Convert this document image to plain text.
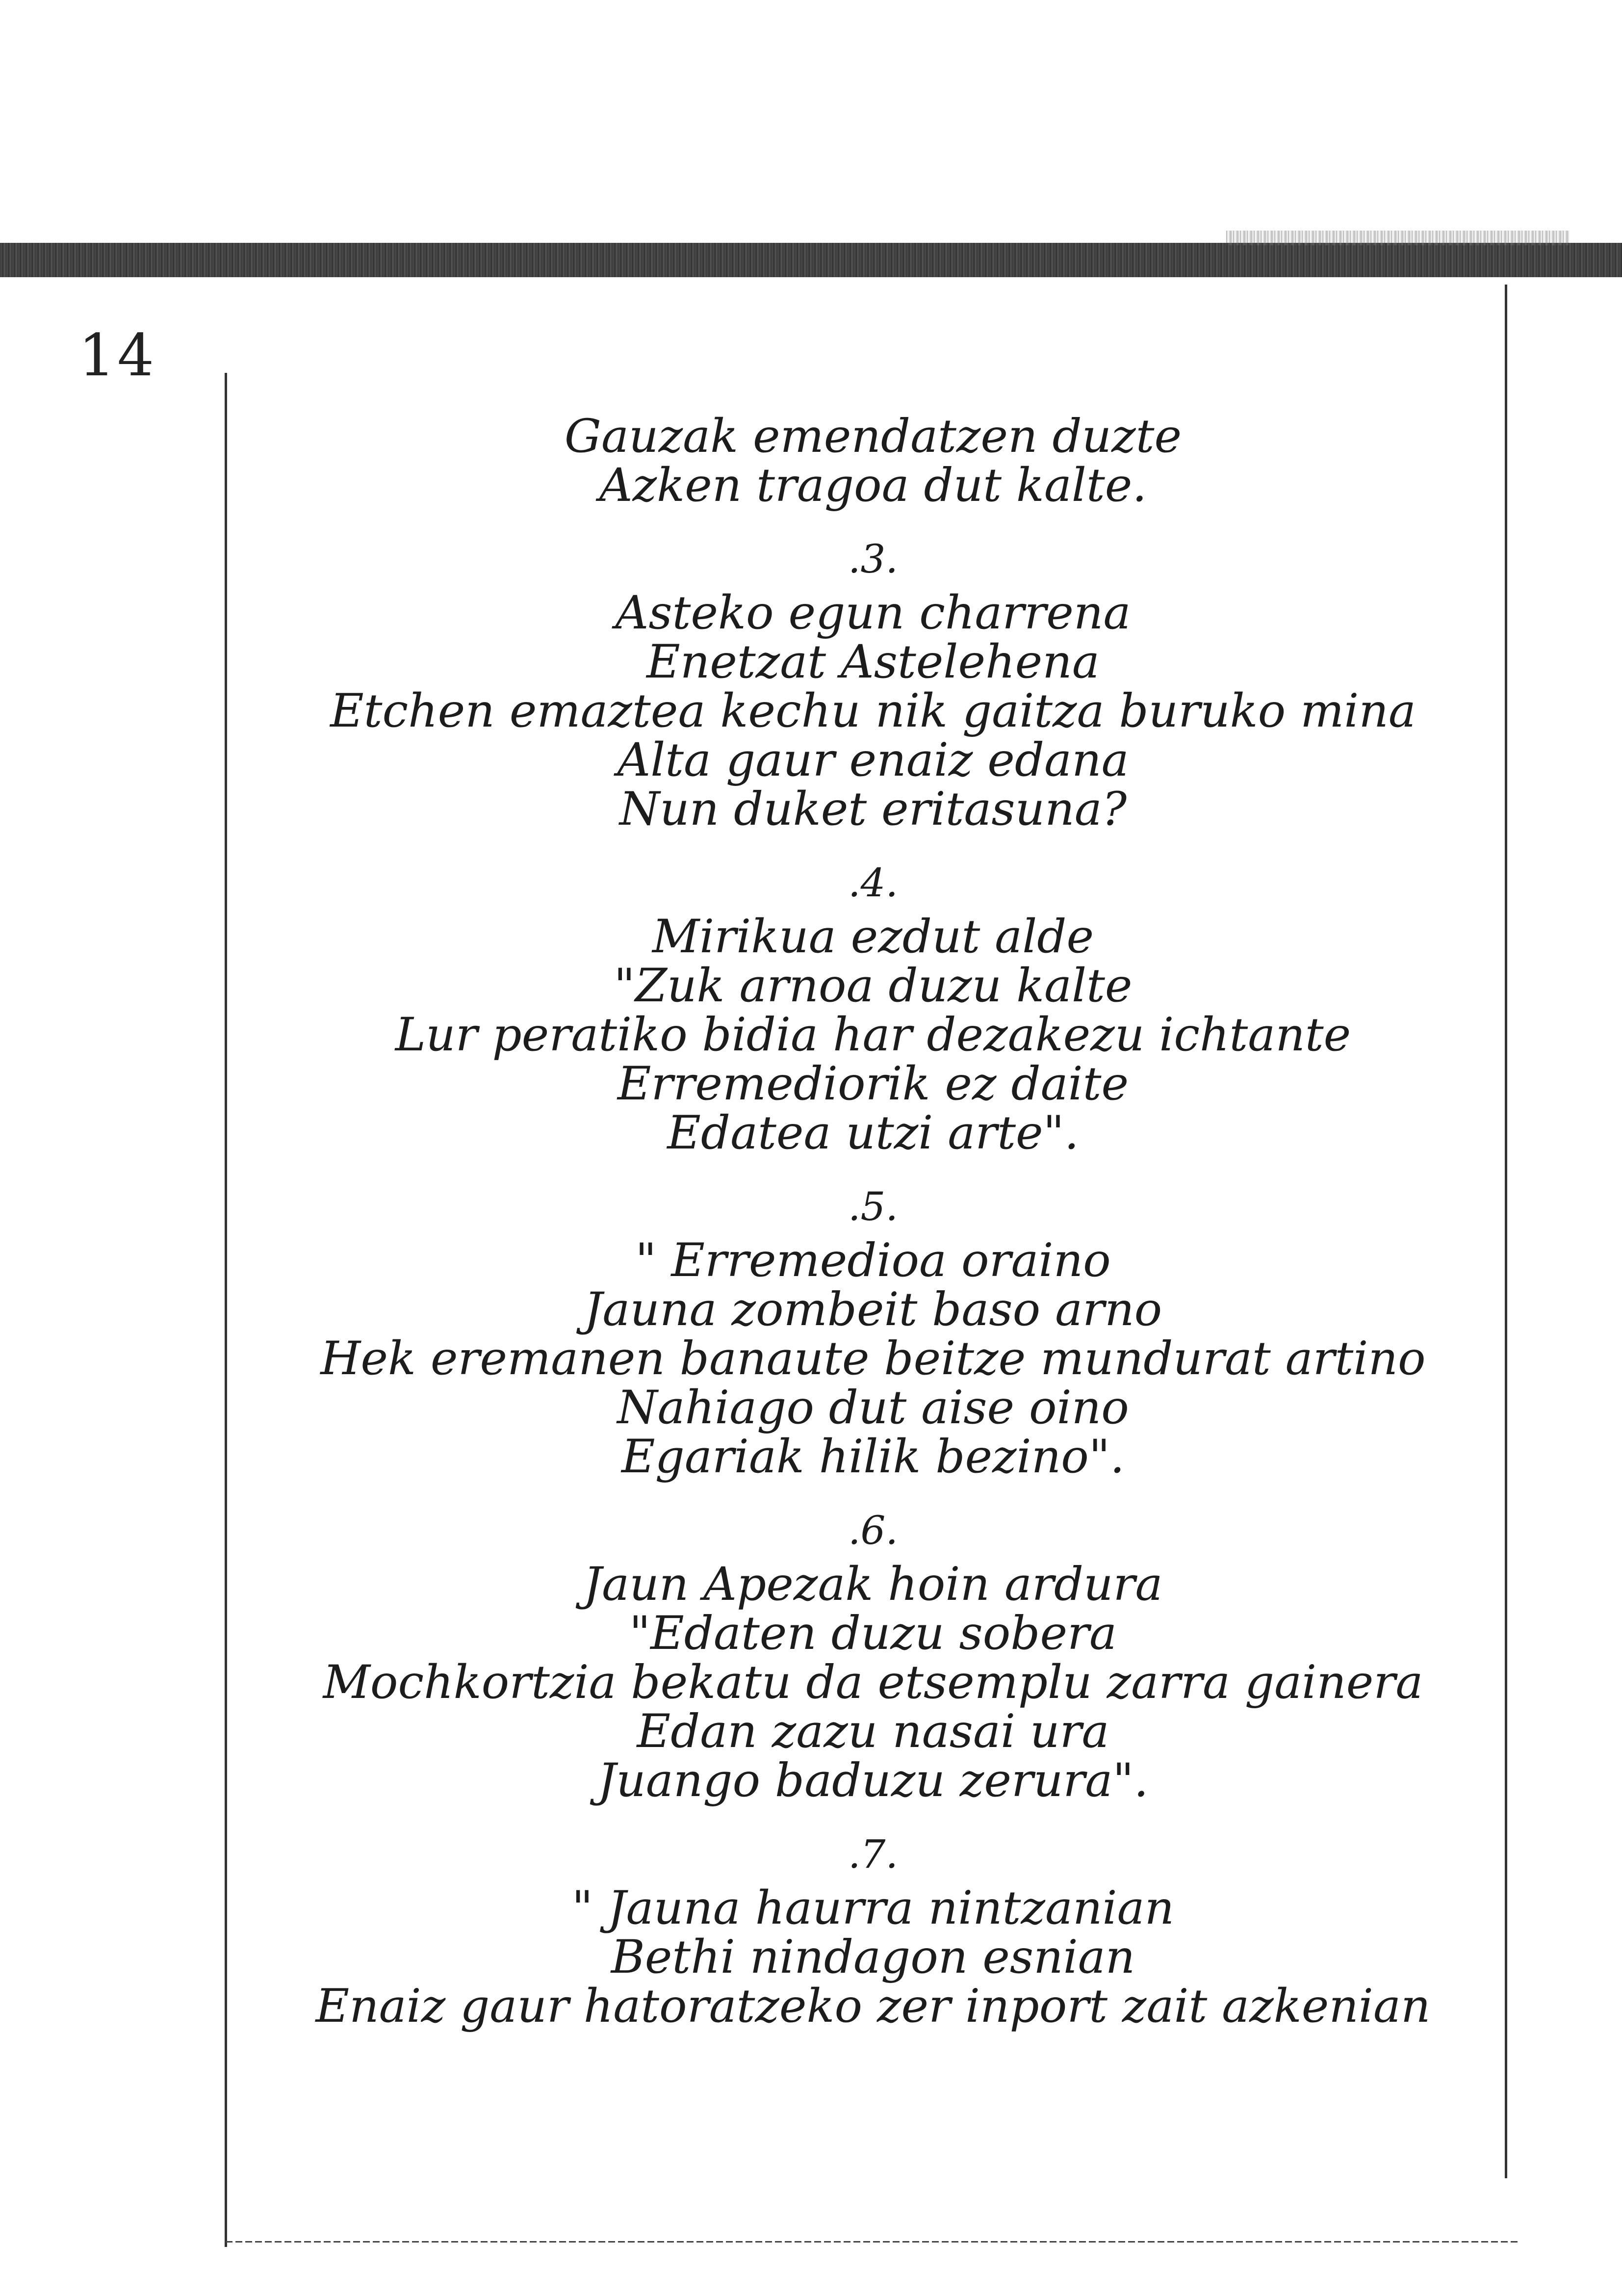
14
Gauzak emendatzen duzte
Azken tragoa dut kalte.
.3.
Asteko egun charrena
Enetzat Astelehena
Etchen emaztea kechu nik gaitza buruko mina
Alta gaur enaiz edana
Nun duket eritasuna?
.4.
Mirikua ezdut alde
"Zuk arnoa duzu kalte
Lur peratiko bidia har dezakezu ichtante
Erremediorik ez daite
Edatea utzi arte".
.5.
" Erremedioa oraino
Jauna zombeit baso arno
Hek eremanen banaute beitze mundurat artino
Nahiago dut aise oino
Egariak hilik bezino".
.6.
Jaun Apezak hoin ardura
"Edaten duzu sobera
Mochkortzia bekatu da etsemplu zarra gainera
Edan zazu nasai ura
Juango baduzu zerura".
.7.
" Jauna haurra nintzanian
Bethi nindagon esnian
Enaiz gaur hatoratzeko zer inport zait azkenian
